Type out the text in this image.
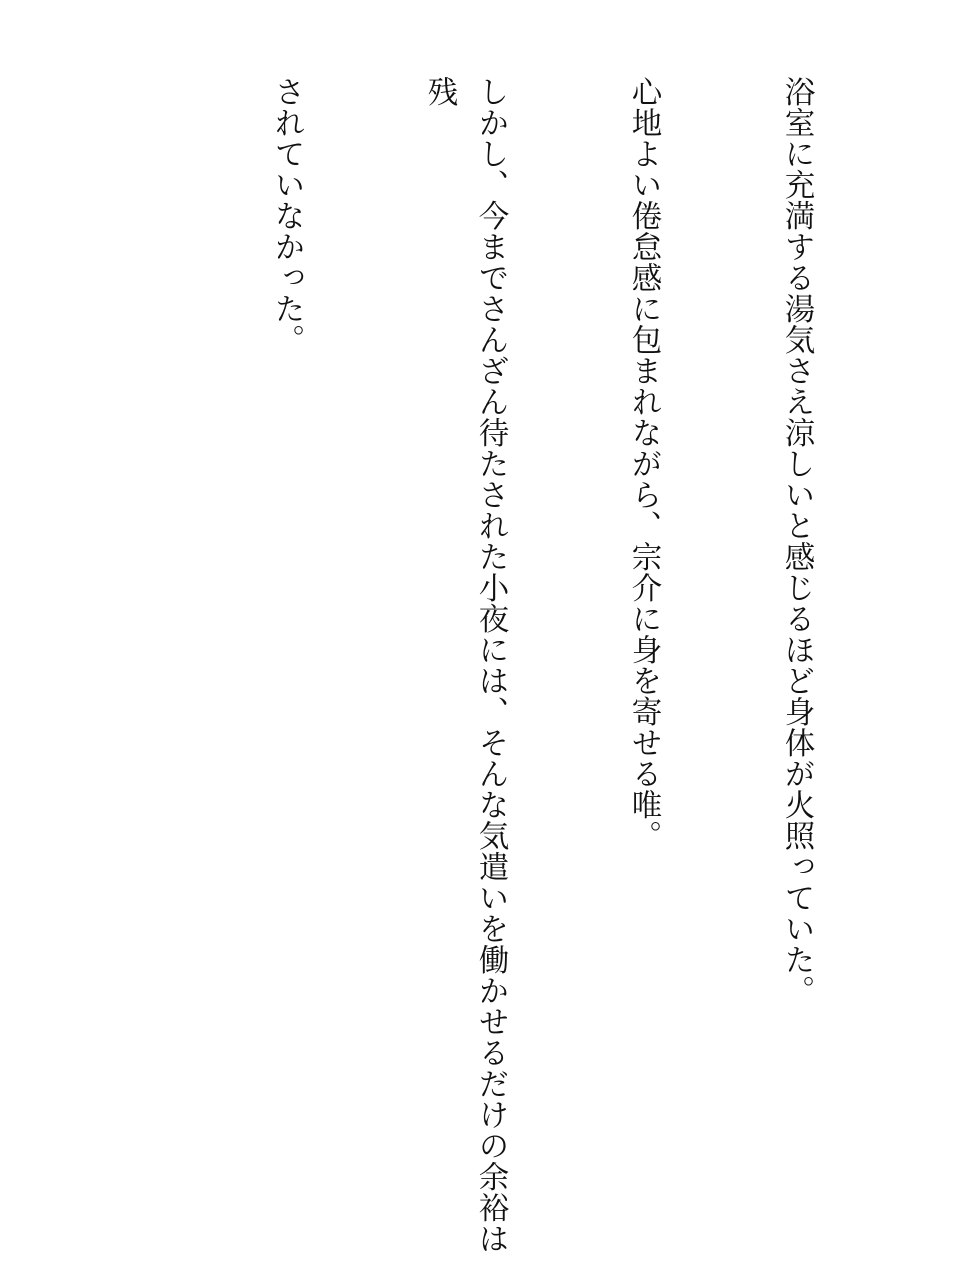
浴室に充満する湯気さえ涼しいと感じるほど身体が火照っていた。

心地よい倦怠感に包まれながら、宗介に身を寄せる唯。

しかし、今までさんざん待たされた小夜には、そんな気遣いを働かせるだけの余裕は残

されていなかった。
